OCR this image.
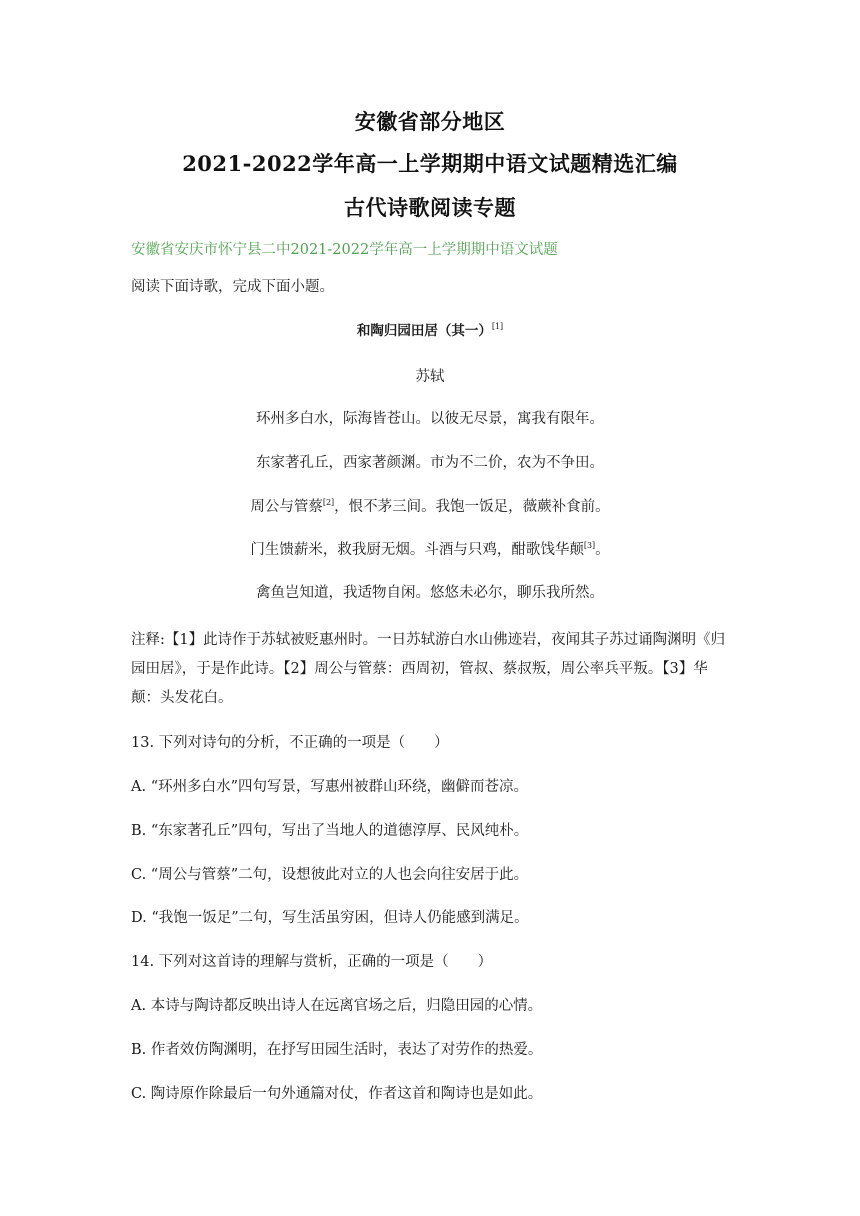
安徽省部分地区
2021-2022学年高一上学期期中语文试题精选汇编
古代诗歌阅读专题
安徽省安庆市怀宁县二中2021-2022学年高一上学期期中语文试题
阅读下面诗歌，完成下面小题。
和陶归园田居（其一）[1]
苏轼
环州多白水，际海皆苍山。以彼无尽景，寓我有限年。
东家著孔丘，西家著颜渊。市为不二价，农为不争田。
周公与管蔡[2]，恨不茅三间。我饱一饭足，薇蕨补食前。
门生馈薪米，救我厨无烟。斗酒与只鸡，酣歌饯华颠[3]。
禽鱼岂知道，我适物自闲。悠悠未必尔，聊乐我所然。
注释:【1】此诗作于苏轼被贬惠州时。一日苏轼游白水山佛迹岩，夜闻其子苏过诵陶渊明《归
园田居》，于是作此诗。【2】周公与管蔡：西周初，管叔、蔡叔叛，周公率兵平叛。【3】华
颠：头发花白。
13. 下列对诗句的分析，不正确的一项是（　　）
A. “环州多白水”四句写景，写惠州被群山环绕，幽僻而苍凉。
B. “东家著孔丘”四句，写出了当地人的道德淳厚、民风纯朴。
C. “周公与管蔡”二句，设想彼此对立的人也会向往安居于此。
D. “我饱一饭足”二句，写生活虽穷困，但诗人仍能感到满足。
14. 下列对这首诗的理解与赏析，正确的一项是（　　）
A. 本诗与陶诗都反映出诗人在远离官场之后，归隐田园的心情。
B. 作者效仿陶渊明，在抒写田园生活时，表达了对劳作的热爱。
C. 陶诗原作除最后一句外通篇对仗，作者这首和陶诗也是如此。
